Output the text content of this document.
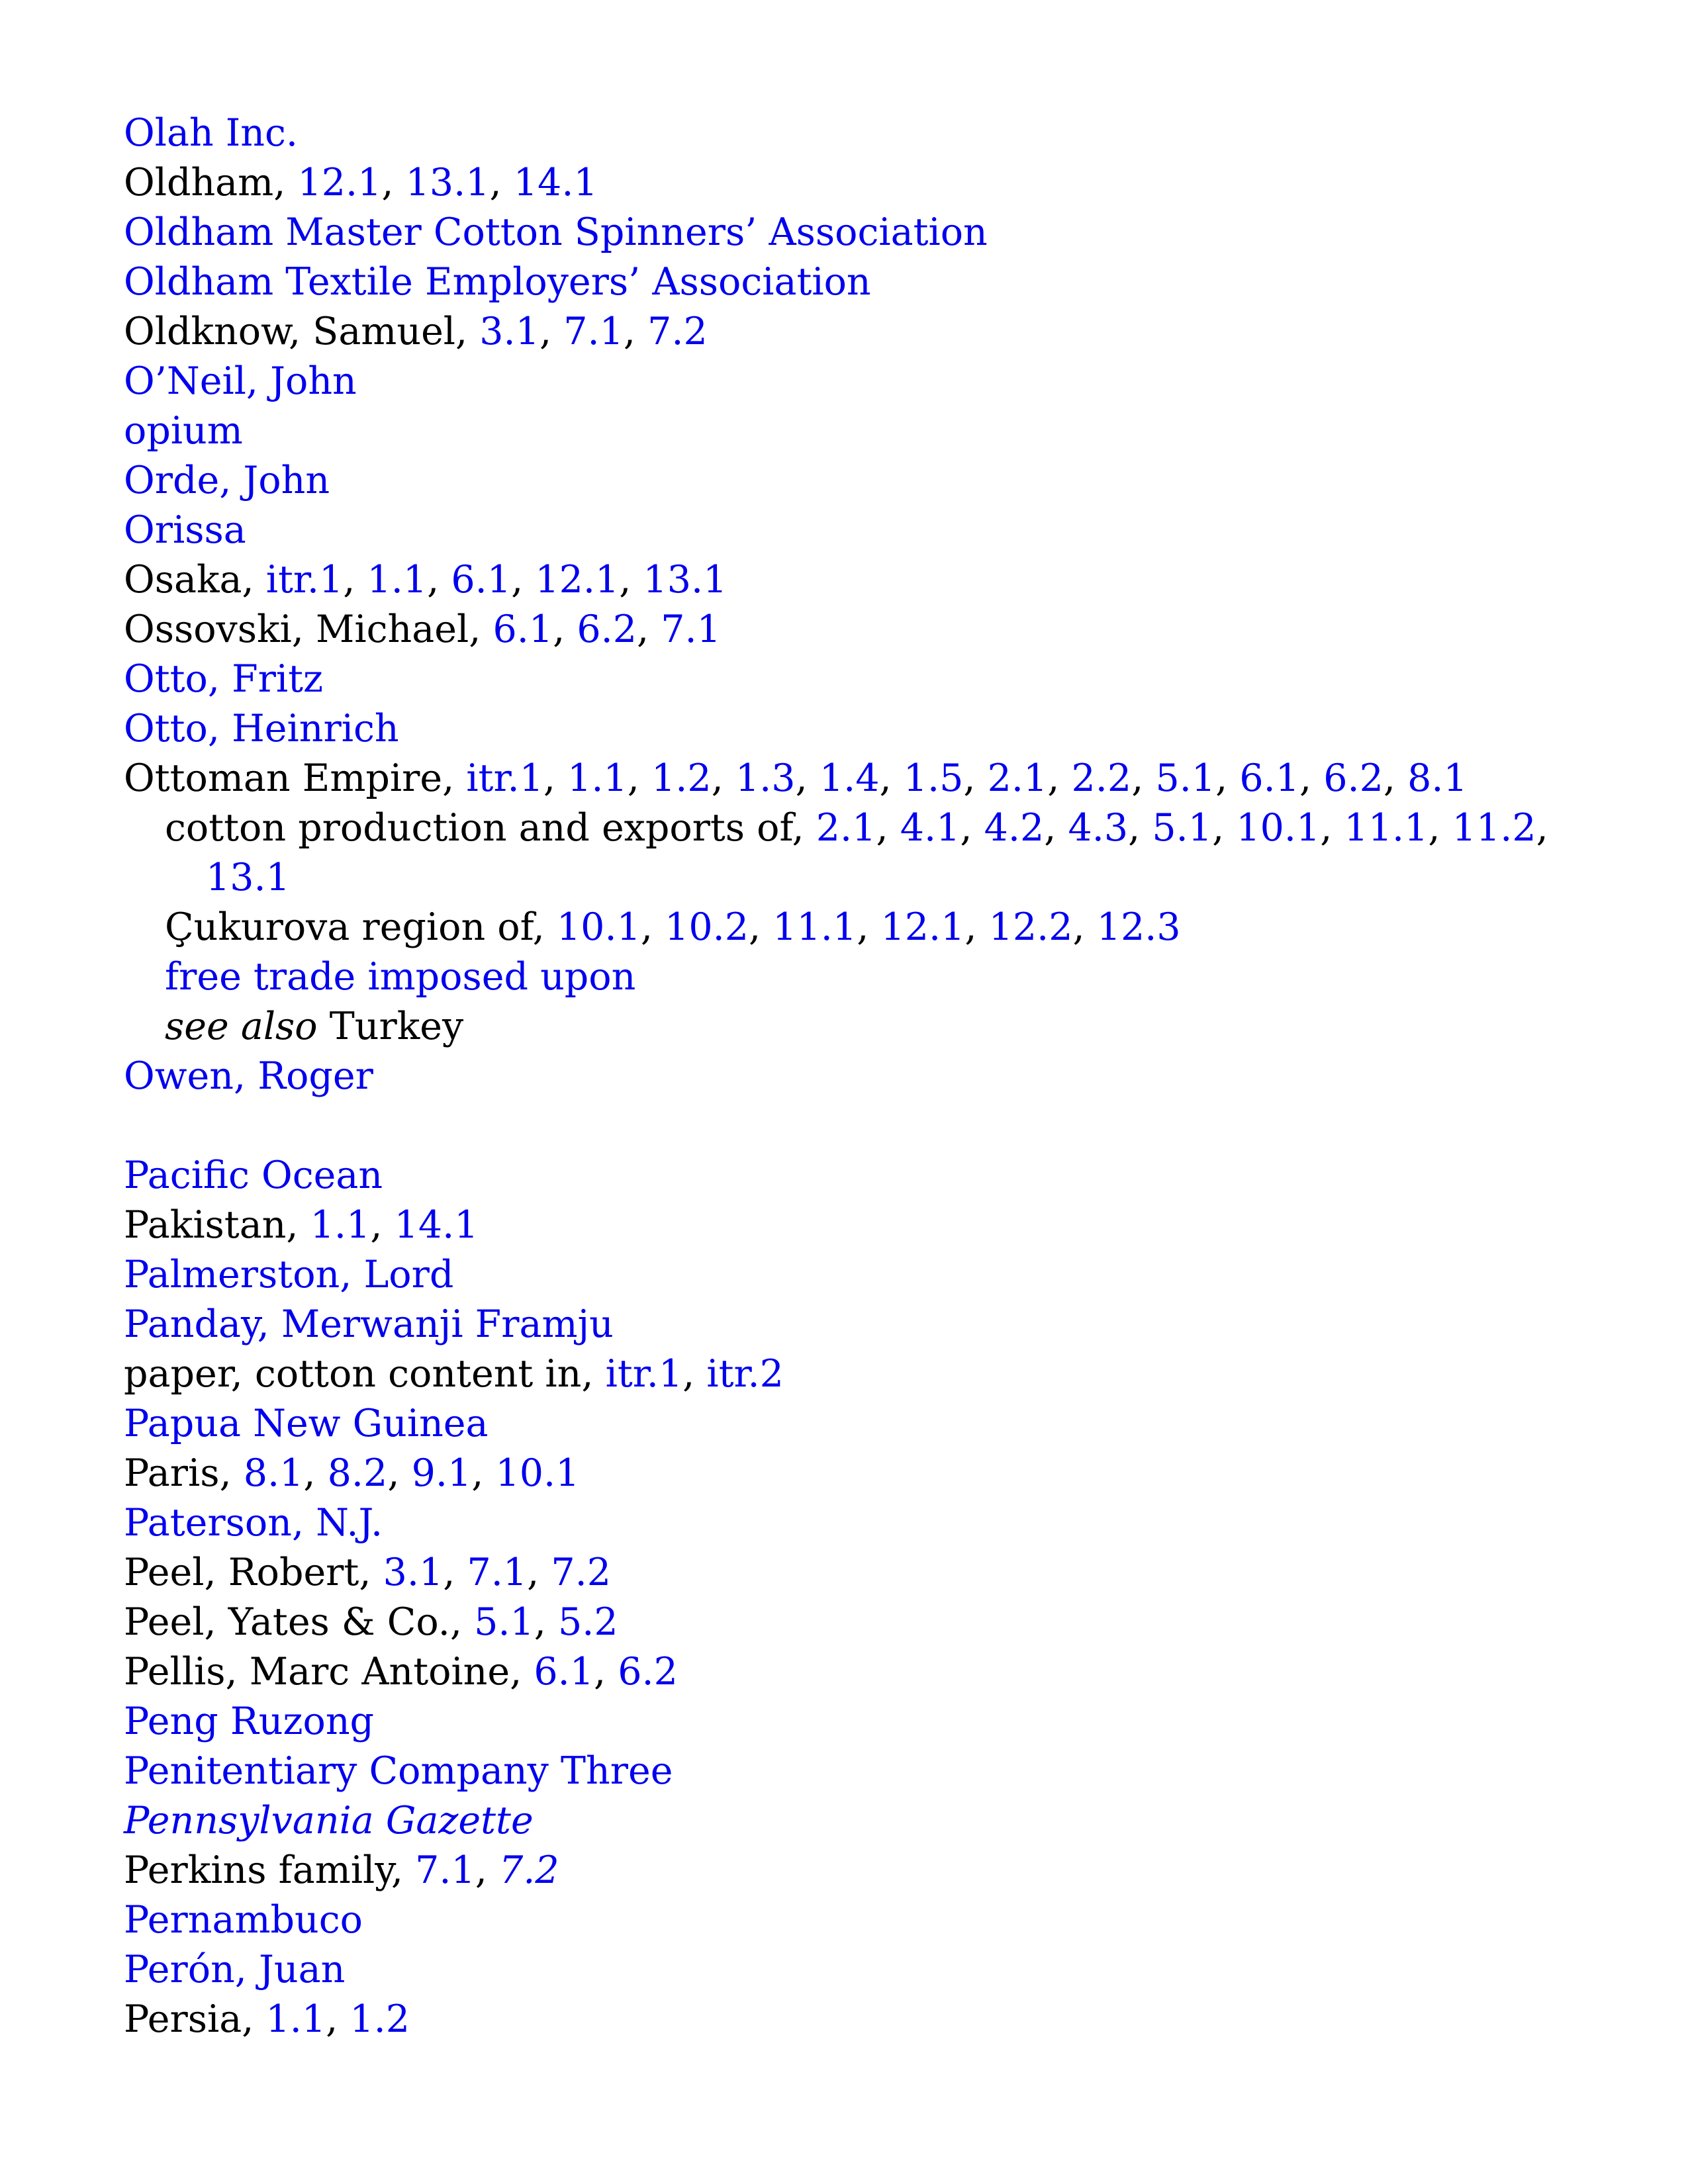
Olah Inc.
Oldham, 12.1, 13.1, 14.1
Oldham Master Cotton Spinners’ Association
Oldham Textile Employers’ Association
Oldknow, Samuel, 3.1, 7.1, 7.2
O’Neil, John
opium
Orde, John
Orissa
Osaka, itr.1, 1.1, 6.1, 12.1, 13.1
Ossovski, Michael, 6.1, 6.2, 7.1
Otto, Fritz
Otto, Heinrich
Ottoman Empire, itr.1, 1.1, 1.2, 1.3, 1.4, 1.5, 2.1, 2.2, 5.1, 6.1, 6.2, 8.1
cotton production and exports of, 2.1, 4.1, 4.2, 4.3, 5.1, 10.1, 11.1, 11.2,
13.1
Çukurova region of, 10.1, 10.2, 11.1, 12.1, 12.2, 12.3
free trade imposed upon
see also Turkey
Owen, Roger
Pacific Ocean
Pakistan, 1.1, 14.1
Palmerston, Lord
Panday, Merwanji Framju
paper, cotton content in, itr.1, itr.2
Papua New Guinea
Paris, 8.1, 8.2, 9.1, 10.1
Paterson, N.J.
Peel, Robert, 3.1, 7.1, 7.2
Peel, Yates & Co., 5.1, 5.2
Pellis, Marc Antoine, 6.1, 6.2
Peng Ruzong
Penitentiary Company Three
Pennsylvania Gazette
Perkins family, 7.1, 7.2
Pernambuco
Perón, Juan
Persia, 1.1, 1.2
